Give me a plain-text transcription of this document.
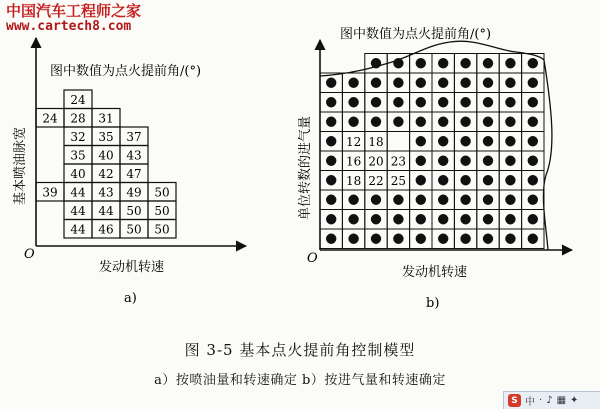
中国汽车工程师之家
www.cartech8.com
图中数值为点火提前角/(°)
基本喷油脉宽
O
发动机转速
a)
24
24 28 31
32 35 37
35 40 43
40 42 47
39 44 43 49 50
44 44 50 50
44 46 50 50
图中数值为点火提前角/(°)
单位转数的进气量
O
发动机转速
b)
12 18
16 20 23
18 22 25
图 3-5 基本点火提前角控制模型
a）按喷油量和转速确定 b）按进气量和转速确定
S 中 · ♪ ▦ ✦
